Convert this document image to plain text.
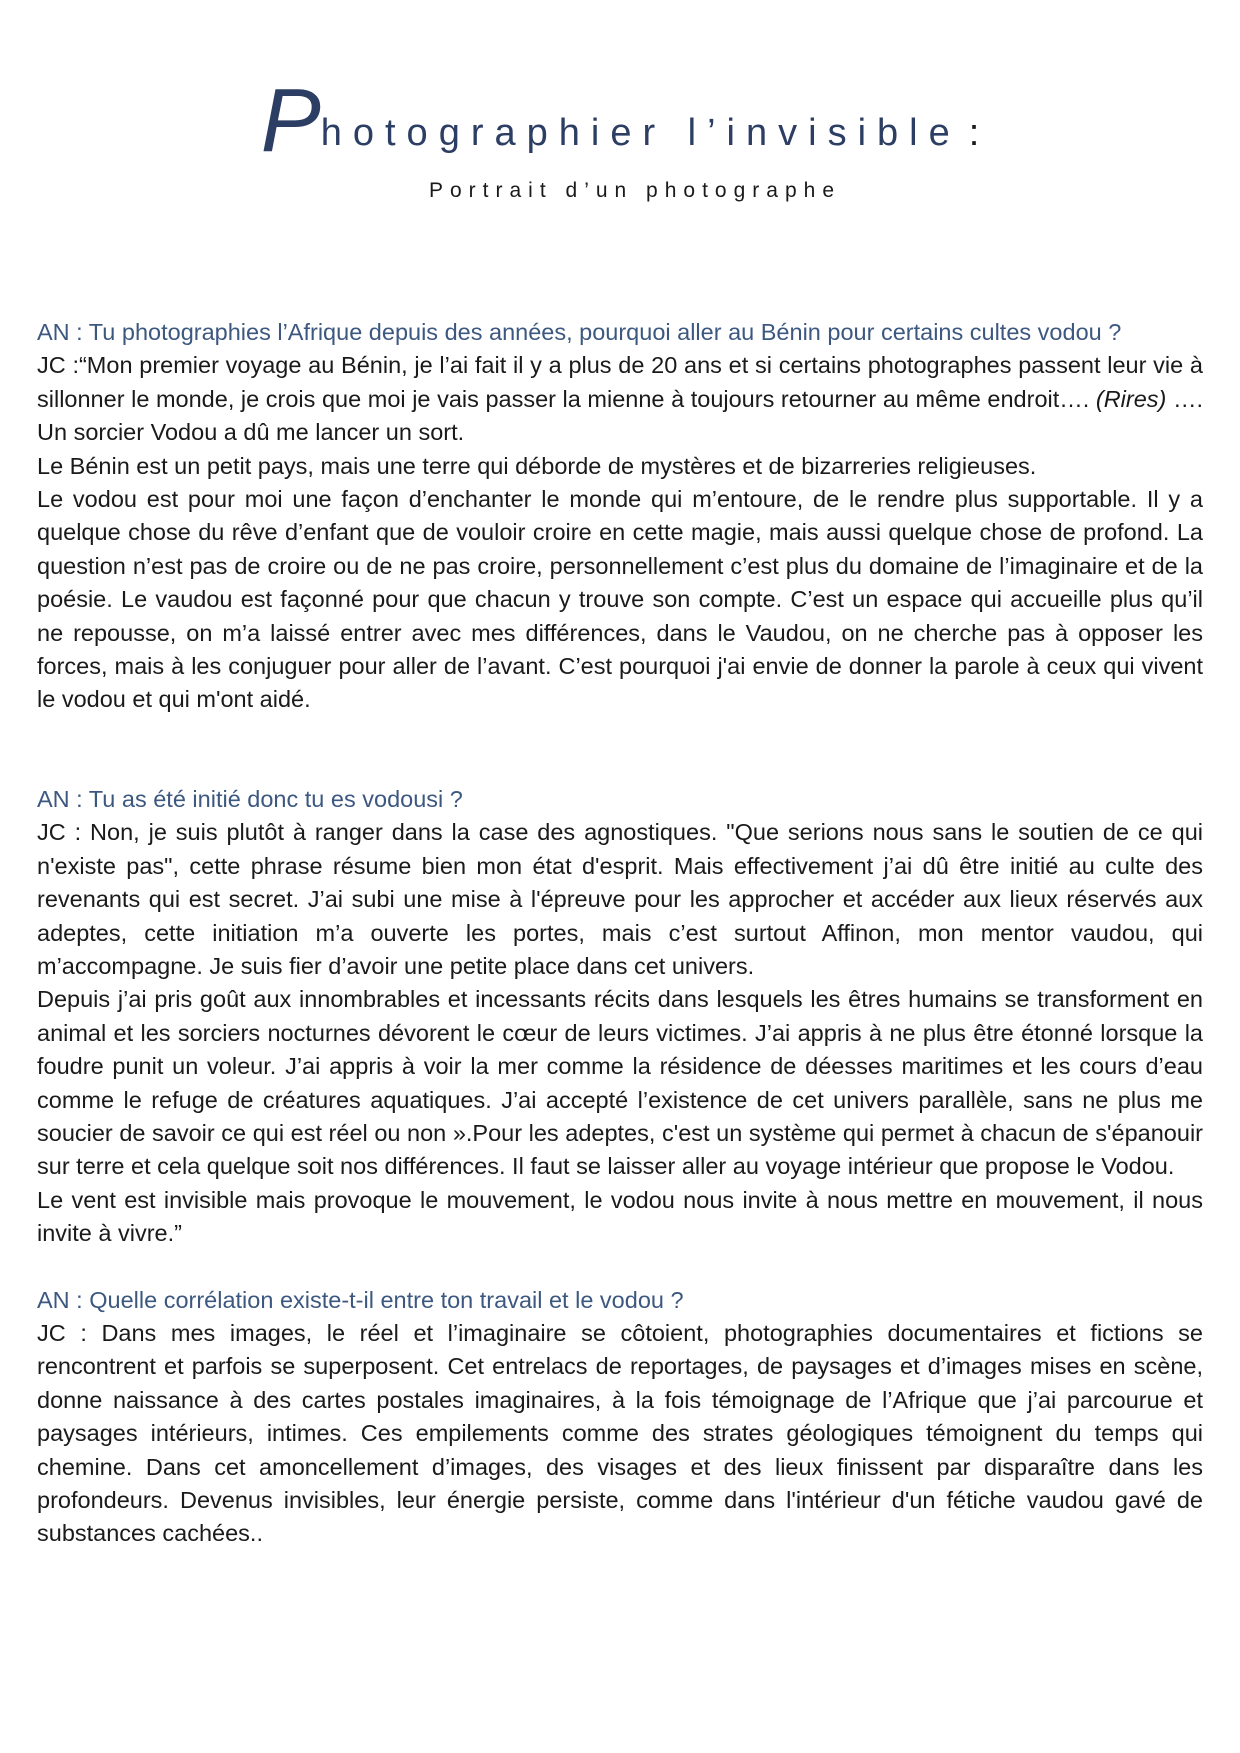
Photographier l’invisible :
Portrait d’un photographe

AN : Tu photographies l’Afrique depuis des années, pourquoi aller au Bénin pour certains cultes vodou ?

JC :“Mon premier voyage au Bénin, je l’ai fait il y a plus de 20 ans et si certains photographes passent leur vie à sillonner le monde, je crois que moi je vais passer la mienne à toujours retourner au même endroit…. (Rires) …. Un sorcier Vodou a dû me lancer un sort.

Le Bénin est un petit pays, mais une terre qui déborde de mystères et de bizarreries religieuses.

Le vodou est pour moi une façon d’enchanter le monde qui m’entoure, de le rendre plus supportable. Il y a quelque chose du rêve d’enfant que de vouloir croire en cette magie, mais aussi quelque chose de profond. La question n’est pas de croire ou de ne pas croire, personnellement c’est plus du domaine de l’imaginaire et de la poésie. Le vaudou est façonné pour que chacun y trouve son compte. C’est un espace qui accueille plus qu’il ne repousse, on m’a laissé entrer avec mes différences, dans le Vaudou, on ne cherche pas à opposer les forces, mais à les conjuguer pour aller de l’avant. C’est pourquoi j'ai envie de donner la parole à ceux qui vivent le vodou et qui m'ont aidé.

AN : Tu as été initié donc tu es vodousi ?

JC : Non, je suis plutôt à ranger dans la case des agnostiques. "Que serions nous sans le soutien de ce qui n'existe pas", cette phrase résume bien mon état d'esprit. Mais effectivement j’ai dû être initié au culte des revenants qui est secret. J’ai subi une mise à l'épreuve pour les approcher et accéder aux lieux réservés aux adeptes, cette initiation m’a ouverte les portes, mais c’est surtout Affinon, mon mentor vaudou, qui m’accompagne. Je suis fier d’avoir une petite place dans cet univers.

Depuis j’ai pris goût aux innombrables et incessants récits dans lesquels les êtres humains se transforment en animal et les sorciers nocturnes dévorent le cœur de leurs victimes. J’ai appris à ne plus être étonné lorsque la foudre punit un voleur. J’ai appris à voir la mer comme la résidence de déesses maritimes et les cours d’eau comme le refuge de créatures aquatiques. J’ai accepté l’existence de cet univers parallèle, sans ne plus me soucier de savoir ce qui est réel ou non ».Pour les adeptes, c'est un système qui permet à chacun de s'épanouir sur terre et cela quelque soit nos différences. Il faut se laisser aller au voyage intérieur que propose le Vodou.

Le vent est invisible mais provoque le mouvement, le vodou nous invite à nous mettre en mouvement, il nous invite à vivre.”

AN : Quelle corrélation existe-t-il entre ton travail et le vodou ?

JC : Dans mes images, le réel et l’imaginaire se côtoient, photographies documentaires et fictions se rencontrent et parfois se superposent. Cet entrelacs de reportages, de paysages et d’images mises en scène, donne naissance à des cartes postales imaginaires, à la fois témoignage de l’Afrique que j’ai parcourue et paysages intérieurs, intimes. Ces empilements comme des strates géologiques témoignent du temps qui chemine. Dans cet amoncellement d’images, des visages et des lieux finissent par disparaître dans les profondeurs. Devenus invisibles, leur énergie persiste, comme dans l'intérieur d'un fétiche vaudou gavé de substances cachées..
